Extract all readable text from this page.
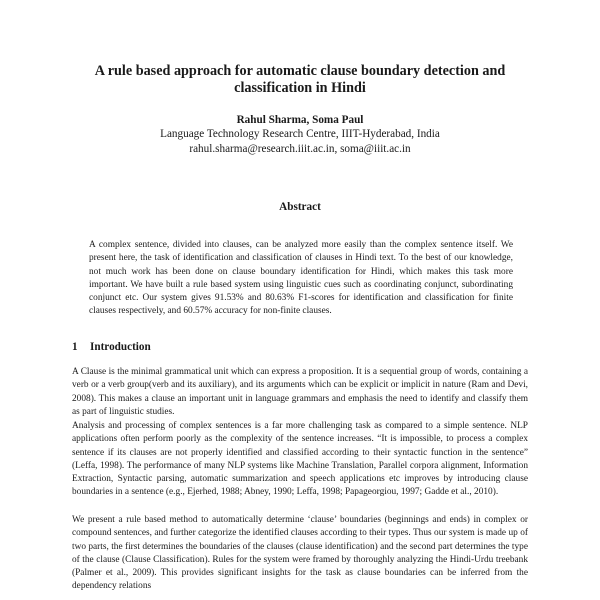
A rule based approach for automatic clause boundary detection and classification in Hindi
Rahul Sharma, Soma Paul
Language Technology Research Centre, IIIT-Hyderabad, India
rahul.sharma@research.iiit.ac.in, soma@iiit.ac.in
Abstract

A complex sentence, divided into clauses, can be analyzed more easily than the complex sentence itself. We present here, the task of identification and classification of clauses in Hindi text. To the best of our knowledge, not much work has been done on clause boundary identification for Hindi, which makes this task more important. We have built a rule based system using linguistic cues such as coordinating conjunct, subordinating conjunct etc. Our system gives 91.53% and 80.63% F1-scores for identification and classification for finite clauses respectively, and 60.57% accuracy for non-finite clauses.

1 Introduction

A Clause is the minimal grammatical unit which can express a proposition. It is a sequential group of words, containing a verb or a verb group(verb and its auxiliary), and its arguments which can be explicit or implicit in nature (Ram and Devi, 2008). This makes a clause an important unit in language grammars and emphasis the need to identify and classify them as part of linguistic studies.

Analysis and processing of complex sentences is a far more challenging task as compared to a simple sentence. NLP applications often perform poorly as the complexity of the sentence increases. “It is impossible, to process a complex sentence if its clauses are not properly identified and classified according to their syntactic function in the sentence” (Leffa, 1998). The performance of many NLP systems like Machine Translation, Parallel corpora alignment, Information Extraction, Syntactic parsing, automatic summarization and speech applications etc improves by introducing clause boundaries in a sentence (e.g., Ejerhed, 1988; Abney, 1990; Leffa, 1998; Papageorgiou, 1997; Gadde et al., 2010).

We present a rule based method to automatically determine ‘clause’ boundaries (beginnings and ends) in complex or compound sentences, and further categorize the identified clauses according to their types. Thus our system is made up of two parts, the first determines the boundaries of the clauses (clause identification) and the second part determines the type of the clause (Clause Classification). Rules for the system were framed by thoroughly analyzing the Hindi-Urdu treebank (Palmer et al., 2009). This provides significant insights for the task as clause boundaries can be inferred from the dependency relations
